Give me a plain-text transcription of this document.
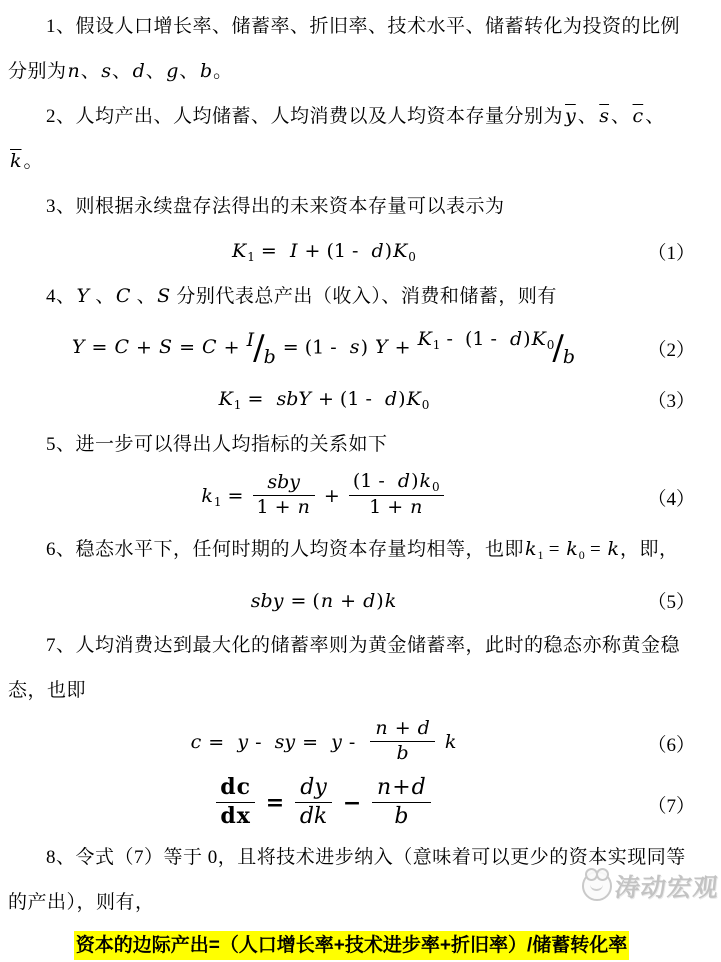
1、假设人口增长率、储蓄率、折旧率、技术水平、储蓄转化为投资的比例分别为n、s、d、g、b。

2、人均产出、人均储蓄、人均消费以及人均资本存量分别为 $\overline{y}$ 、 $\overline{s}$ 、 $\overline{c}$ 、$\overline{k}$ 。

3、则根据永续盘存法得出的未来资本存量可以表示为

$K_1 = I + (1 - d)K_0$	（1）

4、Y 、C 、S 分别代表总产出（收入）、消费和储蓄，则有

Y = C + S = C + I / b = (1 -  s) $Y + K_1 - (1 - d)K_0$
/ b	（2）
$K_1$ =  sbY + $(1 - d)K_0$	（3）

5、进一步可以得出人均指标的关系如下

$k_1 = \frac{\text{sby}}{1 + n} + \frac{(1 - d)k_0}{1 + n}$	（4）

6、稳态水平下，任何时期的人均资本存量均相等，也即$k_1 = k_0 = k$，即，

sby = (n + d)k	（5）

7、人均消费达到最大化的储蓄率则为黄金储蓄率，此时的稳态亦称黄金稳态，也即

c =  y -  sy =  y - $\frac{n + d}{b}$ k	（6）
$\frac{dc}{dx} = \frac{dy}{dk} - \frac{n+d}{b}$	（7）

8、令式（7）等于 0，且将技术进步纳入（意味着可以更少的资本实现同等的产出），则有，

资本的边际产出=（人口增长率+技术进步率+折旧率）/储蓄转化率
涛动宏观
